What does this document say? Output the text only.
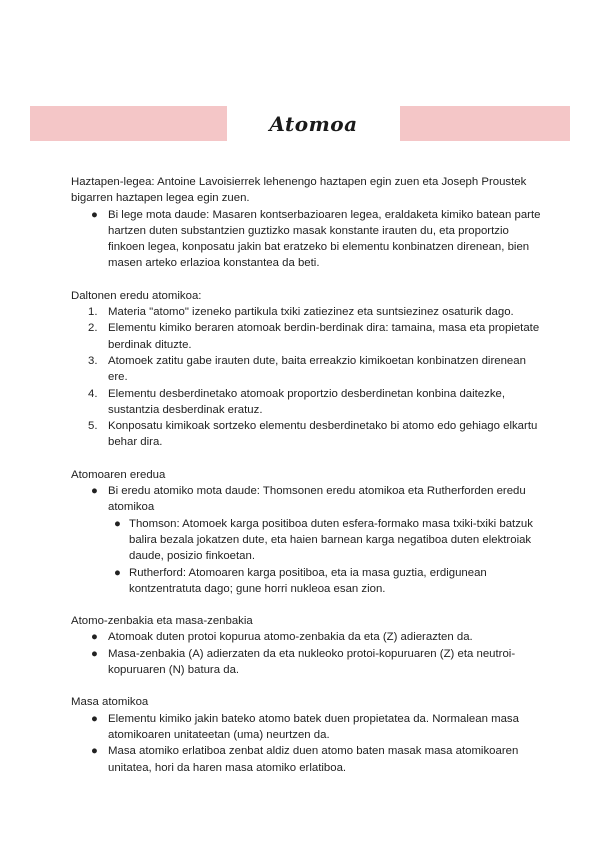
Atomoa

Haztapen-legea: Antoine Lavoisierrek lehenengo haztapen egin zuen eta Joseph Proustek bigarren haztapen legea egin zuen.

● Bi lege mota daude: Masaren kontserbazioaren legea, eraldaketa kimiko batean parte hartzen duten substantzien guztizko masak konstante irauten du, eta proportzio finkoen legea, konposatu jakin bat eratzeko bi elementu konbinatzen direnean, bien masen arteko erlazioa konstantea da beti.

Daltonen eredu atomikoa:

1. Materia "atomo" izeneko partikula txiki zatiezinez eta suntsiezinez osaturik dago.
2. Elementu kimiko beraren atomoak berdin-berdinak dira: tamaina, masa eta propietate berdinak dituzte.
3. Atomoek zatitu gabe irauten dute, baita erreakzio kimikoetan konbinatzen direnean ere.
4. Elementu desberdinetako atomoak proportzio desberdinetan konbina daitezke, sustantzia desberdinak eratuz.
5. Konposatu kimikoak sortzeko elementu desberdinetako bi atomo edo gehiago elkartu behar dira.

Atomoaren eredua

● Bi eredu atomiko mota daude: Thomsonen eredu atomikoa eta Rutherforden eredu atomikoa
● Thomson: Atomoek karga positiboa duten esfera-formako masa txiki-txiki batzuk balira bezala jokatzen dute, eta haien barnean karga negatiboa duten elektroiak daude, posizio finkoetan.
● Rutherford: Atomoaren karga positiboa, eta ia masa guztia, erdigunean kontzentratuta dago; gune horri nukleoa esan zion.

Atomo-zenbakia eta masa-zenbakia

● Atomoak duten protoi kopurua atomo-zenbakia da eta (Z) adierazten da.
● Masa-zenbakia (A) adierzaten da eta nukleoko protoi-kopuruaren (Z) eta neutroi-kopuruaren (N) batura da.

Masa atomikoa

● Elementu kimiko jakin bateko atomo batek duen propietatea da. Normalean masa atomikoaren unitateetan (uma) neurtzen da.
● Masa atomiko erlatiboa zenbat aldiz duen atomo baten masak masa atomikoaren unitatea, hori da haren masa atomiko erlatiboa.
